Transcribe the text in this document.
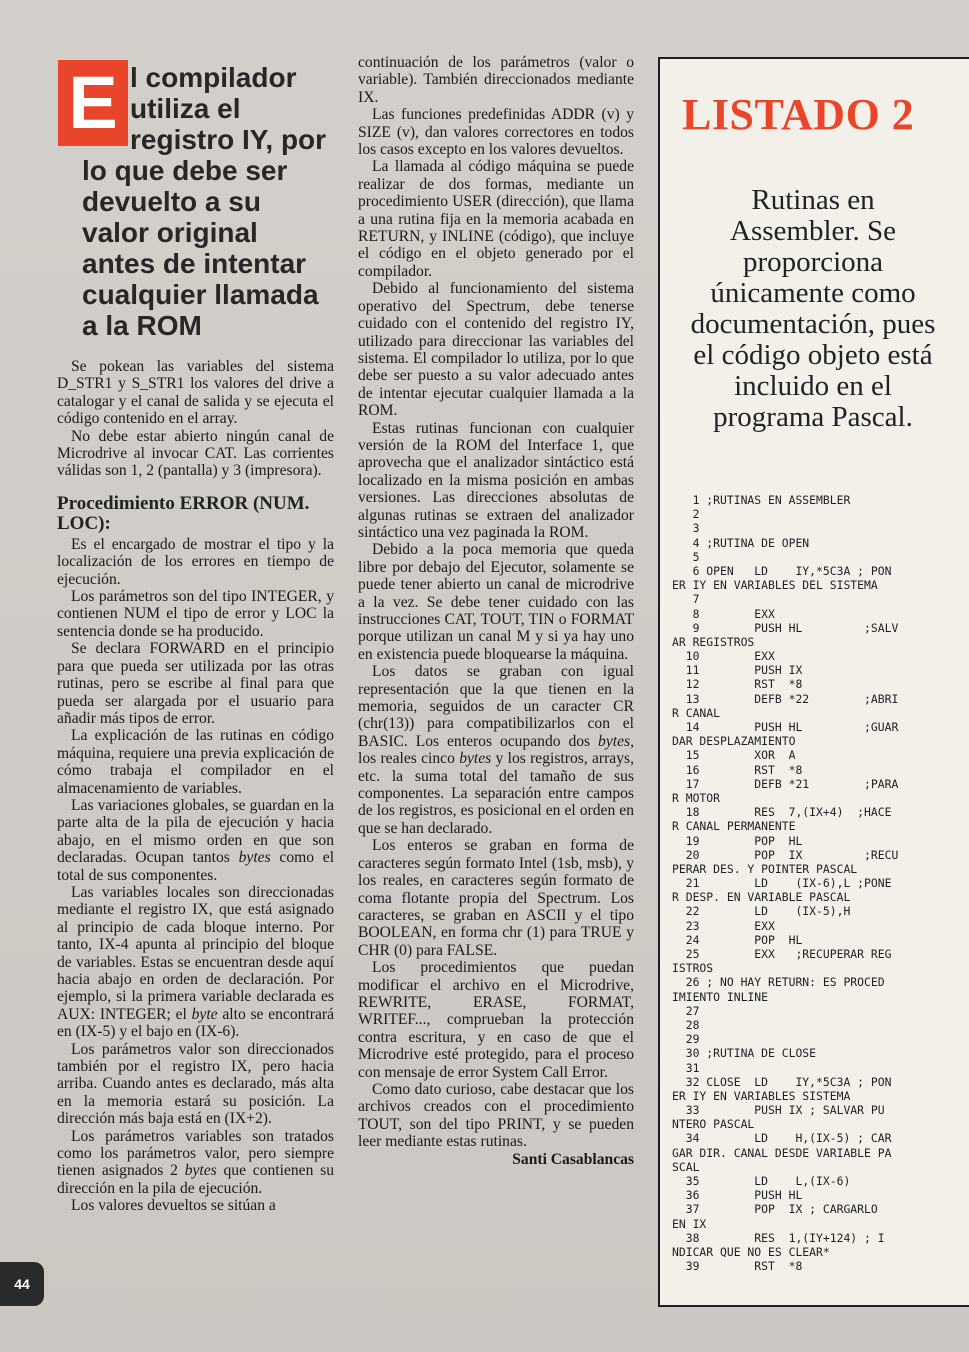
E l compilador
utiliza el
registro IY, por
lo que debe ser
devuelto a su
valor original
antes de intentar
cualquier llamada
a la ROM

Se pokean las variables del sistema D_STR1 y S_STR1 los valores del drive a catalogar y el canal de salida y se ejecuta el código contenido en el array.

No debe estar abierto ningún canal de Microdrive al invocar CAT. Las corrientes válidas son 1, 2 (pantalla) y 3 (impresora).

Procedimiento ERROR (NUM. LOC):

Es el encargado de mostrar el tipo y la localización de los errores en tiempo de ejecución.

Los parámetros son del tipo INTEGER, y contienen NUM el tipo de error y LOC la sentencia donde se ha producido.

Se declara FORWARD en el principio para que pueda ser utilizada por las otras rutinas, pero se escribe al final para que pueda ser alargada por el usuario para añadir más tipos de error.

La explicación de las rutinas en código máquina, requiere una previa explicación de cómo trabaja el compilador en el almacenamiento de variables.

Las variaciones globales, se guardan en la parte alta de la pila de ejecución y hacia abajo, en el mismo orden en que son declaradas. Ocupan tantos bytes como el total de sus componentes.

Las variables locales son direccionadas mediante el registro IX, que está asignado al principio de cada bloque interno. Por tanto, IX-4 apunta al principio del bloque de variables. Estas se encuentran desde aquí hacia abajo en orden de declaración. Por ejemplo, si la primera variable declarada es AUX: INTEGER; el byte alto se encontrará en (IX-5) y el bajo en (IX-6).

Los parámetros valor son direccionados también por el registro IX, pero hacia arriba. Cuando antes es declarado, más alta en la memoria estará su posición. La dirección más baja está en (IX+2).

Los parámetros variables son tratados como los parámetros valor, pero siempre tienen asignados 2 bytes que contienen su dirección en la pila de ejecución.

Los valores devueltos se sitúan a

continuación de los parámetros (valor o variable). También direccionados mediante IX.

Las funciones predefinidas ADDR (v) y SIZE (v), dan valores correctores en todos los casos excepto en los valores devueltos.

La llamada al código máquina se puede realizar de dos formas, mediante un procedimiento USER (dirección), que llama a una rutina fija en la memoria acabada en RETURN, y INLINE (código), que incluye el código en el objeto generado por el compilador.

Debido al funcionamiento del sistema operativo del Spectrum, debe tenerse cuidado con el contenido del registro IY, utilizado para direccionar las variables del sistema. El compilador lo utiliza, por lo que debe ser puesto a su valor adecuado antes de intentar ejecutar cualquier llamada a la ROM.

Estas rutinas funcionan con cualquier versión de la ROM del Interface 1, que aprovecha que el analizador sintáctico está localizado en la misma posición en ambas versiones. Las direcciones absolutas de algunas rutinas se extraen del analizador sintáctico una vez paginada la ROM.

Debido a la poca memoria que queda libre por debajo del Ejecutor, solamente se puede tener abierto un canal de microdrive a la vez. Se debe tener cuidado con las instrucciones CAT, TOUT, TIN o FORMAT porque utilizan un canal M y si ya hay uno en existencia puede bloquearse la máquina.

Los datos se graban con igual representación que la que tienen en la memoria, seguidos de un caracter CR (chr(13)) para compatibilizarlos con el BASIC. Los enteros ocupando dos bytes, los reales cinco bytes y los registros, arrays, etc. la suma total del tamaño de sus componentes. La separación entre campos de los registros, es posicional en el orden en que se han declarado.

Los enteros se graban en forma de caracteres según formato Intel (1sb, msb), y los reales, en caracteres según formato de coma flotante propia del Spectrum. Los caracteres, se graban en ASCII y el tipo BOOLEAN, en forma chr (1) para TRUE y CHR (0) para FALSE.

Los procedimientos que puedan modificar el archivo en el Microdrive, REWRITE, ERASE, FORMAT, WRITEF..., comprueban la protección contra escritura, y en caso de que el Microdrive esté protegido, para el proceso con mensaje de error System Call Error.

Como dato curioso, cabe destacar que los archivos creados con el procedimiento TOUT, son del tipo PRINT, y se pueden leer mediante estas rutinas.

Santi Casablancas

44
LISTADO 2
Rutinas en
Assembler. Se
proporciona
únicamente como
documentación, pues
el código objeto está
incluido en el
programa Pascal.
1 ;RUTINAS EN ASSEMBLER
2
3
4 ;RUTINA DE OPEN
5
6 OPEN   LD    IY,*5C3A ; PON
ER IY EN VARIABLES DEL SISTEMA
7
8        EXX
9        PUSH HL         ;SALV
AR REGISTROS
10        EXX
11        PUSH IX
12        RST  *8
13        DEFB *22        ;ABRI
R CANAL
14        PUSH HL         ;GUAR
DAR DESPLAZAMIENTO
15        XOR  A
16        RST  *8
17        DEFB *21        ;PARA
R MOTOR
18        RES  7,(IX+4)  ;HACE
R CANAL PERMANENTE
19        POP  HL
20        POP  IX         ;RECU
PERAR DES. Y POINTER PASCAL
21        LD    (IX-6),L ;PONE
R DESP. EN VARIABLE PASCAL
22        LD    (IX-5),H
23        EXX
24        POP  HL
25        EXX   ;RECUPERAR REG
ISTROS
26 ; NO HAY RETURN: ES PROCED
IMIENTO INLINE
27
28
29
30 ;RUTINA DE CLOSE
31
32 CLOSE  LD    IY,*5C3A ; PON
ER IY EN VARIABLES SISTEMA
33        PUSH IX ; SALVAR PU
NTERO PASCAL
34        LD    H,(IX-5) ; CAR
GAR DIR. CANAL DESDE VARIABLE PA
SCAL
35        LD    L,(IX-6)
36        PUSH HL
37        POP  IX ; CARGARLO
EN IX
38        RES  1,(IY+124) ; I
NDICAR QUE NO ES CLEAR*
39        RST  *8
